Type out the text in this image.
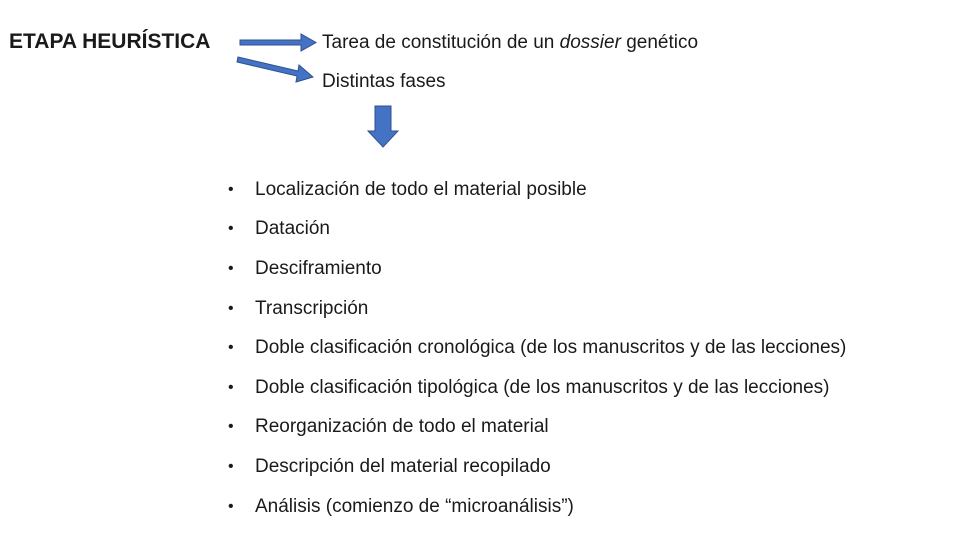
ETAPA HEURÍSTICA	Tarea de constitución de un dossier genético
Distintas fases
•	Localización de todo el material posible
•	Datación
•	Desciframiento
•	Transcripción
•	Doble clasificación cronológica (de los manuscritos y de las lecciones)
•	Doble clasificación tipológica (de los manuscritos y de las lecciones)
•	Reorganización de todo el material
•	Descripción del material recopilado
•	Análisis (comienzo de “microanálisis”)
